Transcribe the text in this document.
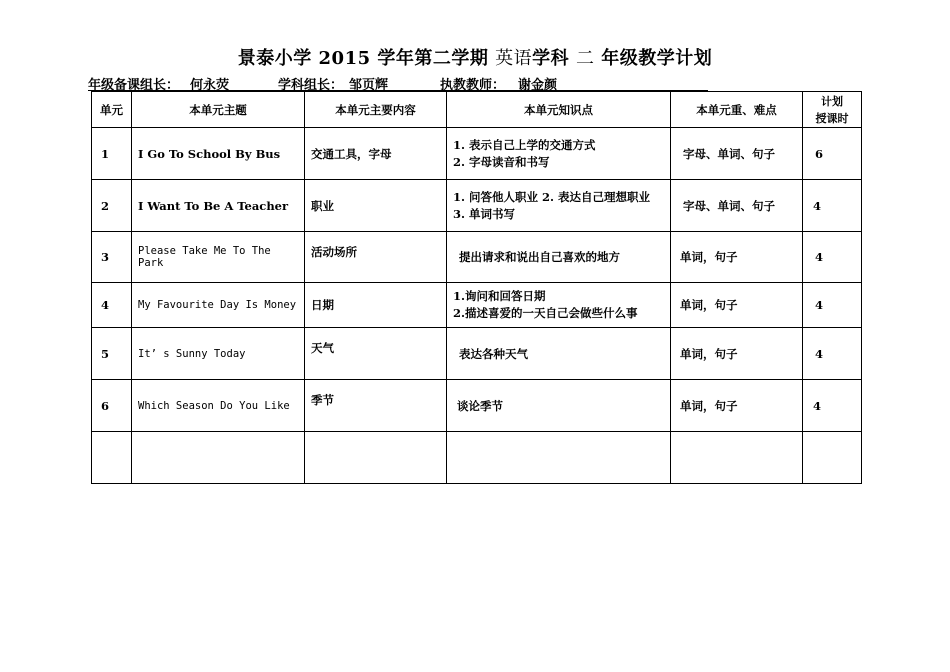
景泰小学 2015 学年第二学期 英语学科 二 年级教学计划
年级备课组长： 何永荧	学科组长： 邹页辉	执教教师： 谢金颜
单元	本单元主题	本单元主要内容	本单元知识点	本单元重、难点	计划
授课时

1	I Go To School By Bus	交通工具，字母	1. 表示自己上学的交通方式
2. 字母读音和书写	字母、单词、句子	6
2	I Want To Be A Teacher	职业	1. 问答他人职业 2. 表达自己理想职业
3. 单词书写	字母、单词、句子	4
3	Please Take Me To The Park	活动场所	提出请求和说出自己喜欢的地方	单词，句子	4
4	My Favourite Day Is Money	日期	1.询问和回答日期
2.描述喜爱的一天自己会做些什么事	单词，句子	4
5	It’ s Sunny Today	天气	表达各种天气	单词，句子	4
6	Which Season Do You Like	季节	谈论季节	单词，句子	4
